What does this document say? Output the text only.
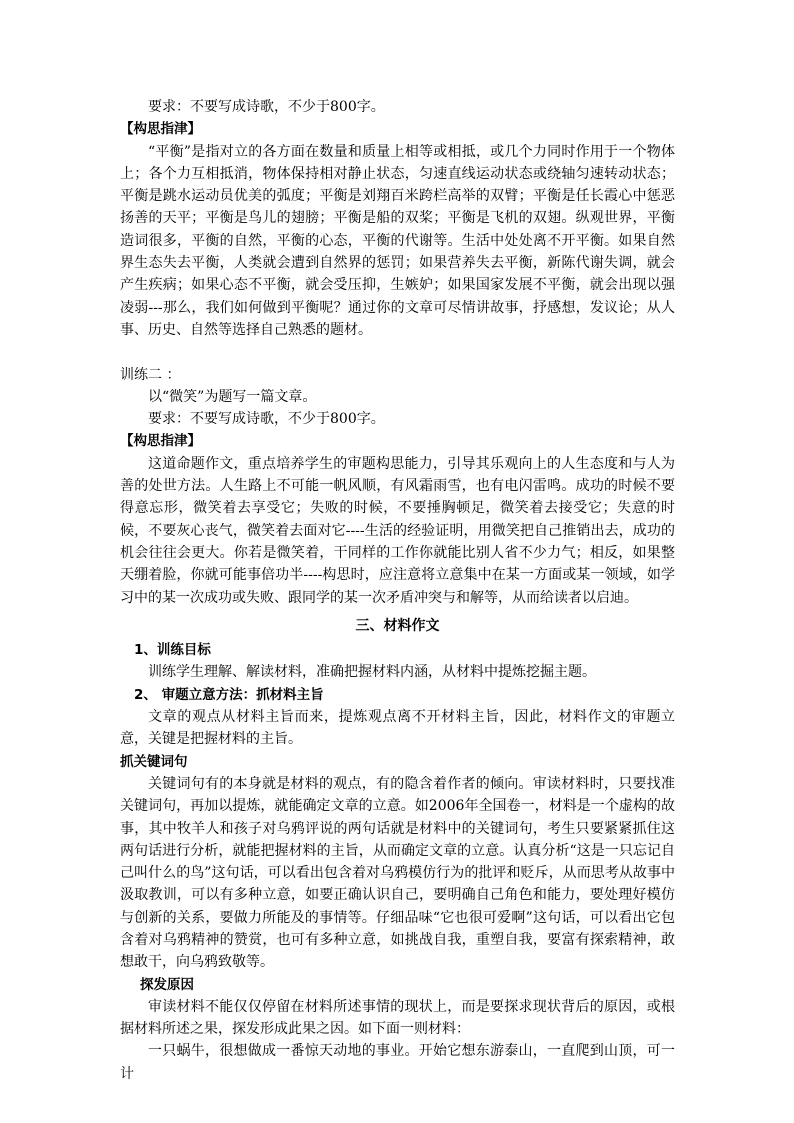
要求：不要写成诗歌，不少于800字。

【构思指津】

“平衡”是指对立的各方面在数量和质量上相等或相抵，或几个力同时作用于一个物体上；各个力互相抵消，物体保持相对静止状态，匀速直线运动状态或绕轴匀速转动状态；平衡是跳水运动员优美的弧度；平衡是刘翔百米跨栏高举的双臂；平衡是任长霞心中惩恶扬善的天平；平衡是鸟儿的翅膀；平衡是船的双桨；平衡是飞机的双翅。纵观世界，平衡造词很多，平衡的自然，平衡的心态，平衡的代谢等。生活中处处离不开平衡。如果自然界生态失去平衡，人类就会遭到自然界的惩罚；如果营养失去平衡，新陈代谢失调，就会产生疾病；如果心态不平衡，就会受压抑，生嫉妒；如果国家发展不平衡，就会出现以强凌弱---那么，我们如何做到平衡呢？通过你的文章可尽情讲故事，抒感想，发议论；从人事、历史、自然等选择自己熟悉的题材。

训练二 ：

以“微笑”为题写一篇文章。

要求：不要写成诗歌，不少于800字。

【构思指津】

这道命题作文，重点培养学生的审题构思能力，引导其乐观向上的人生态度和与人为善的处世方法。人生路上不可能一帆风顺，有风霜雨雪，也有电闪雷鸣。成功的时候不要得意忘形，微笑着去享受它；失败的时候，不要捶胸顿足，微笑着去接受它；失意的时候，不要灰心丧气，微笑着去面对它----生活的经验证明，用微笑把自己推销出去，成功的机会往往会更大。你若是微笑着，干同样的工作你就能比别人省不少力气；相反，如果整天绷着脸，你就可能事倍功半----构思时，应注意将立意集中在某一方面或某一领域，如学习中的某一次成功或失败、跟同学的某一次矛盾冲突与和解等，从而给读者以启迪。

三、材料作文

1、训练目标

训练学生理解、解读材料，准确把握材料内涵，从材料中提炼挖掘主题。

2、 审题立意方法：抓材料主旨

文章的观点从材料主旨而来，提炼观点离不开材料主旨，因此，材料作文的审题立意，关键是把握材料的主旨。

抓关键词句

关键词句有的本身就是材料的观点，有的隐含着作者的倾向。审读材料时，只要找准关键词句，再加以提炼，就能确定文章的立意。如2006年全国卷一，材料是一个虚构的故事，其中牧羊人和孩子对乌鸦评说的两句话就是材料中的关键词句，考生只要紧紧抓住这两句话进行分析，就能把握材料的主旨，从而确定文章的立意。认真分析“这是一只忘记自己叫什么的鸟”这句话，可以看出包含着对乌鸦模仿行为的批评和贬斥，从而思考从故事中汲取教训，可以有多种立意，如要正确认识自己，要明确自己角色和能力，要处理好模仿与创新的关系，要做力所能及的事情等。仔细品味“它也很可爱啊”这句话，可以看出它包含着对乌鸦精神的赞赏，也可有多种立意，如挑战自我，重塑自我，要富有探索精神，敢想敢干，向乌鸦致敬等。

探发原因

审读材料不能仅仅停留在材料所述事情的现状上，而是要探求现状背后的原因，或根据材料所述之果，探发形成此果之因。如下面一则材料：

一只蜗牛，很想做成一番惊天动地的事业。开始它想东游泰山，一直爬到山顶，可一计
